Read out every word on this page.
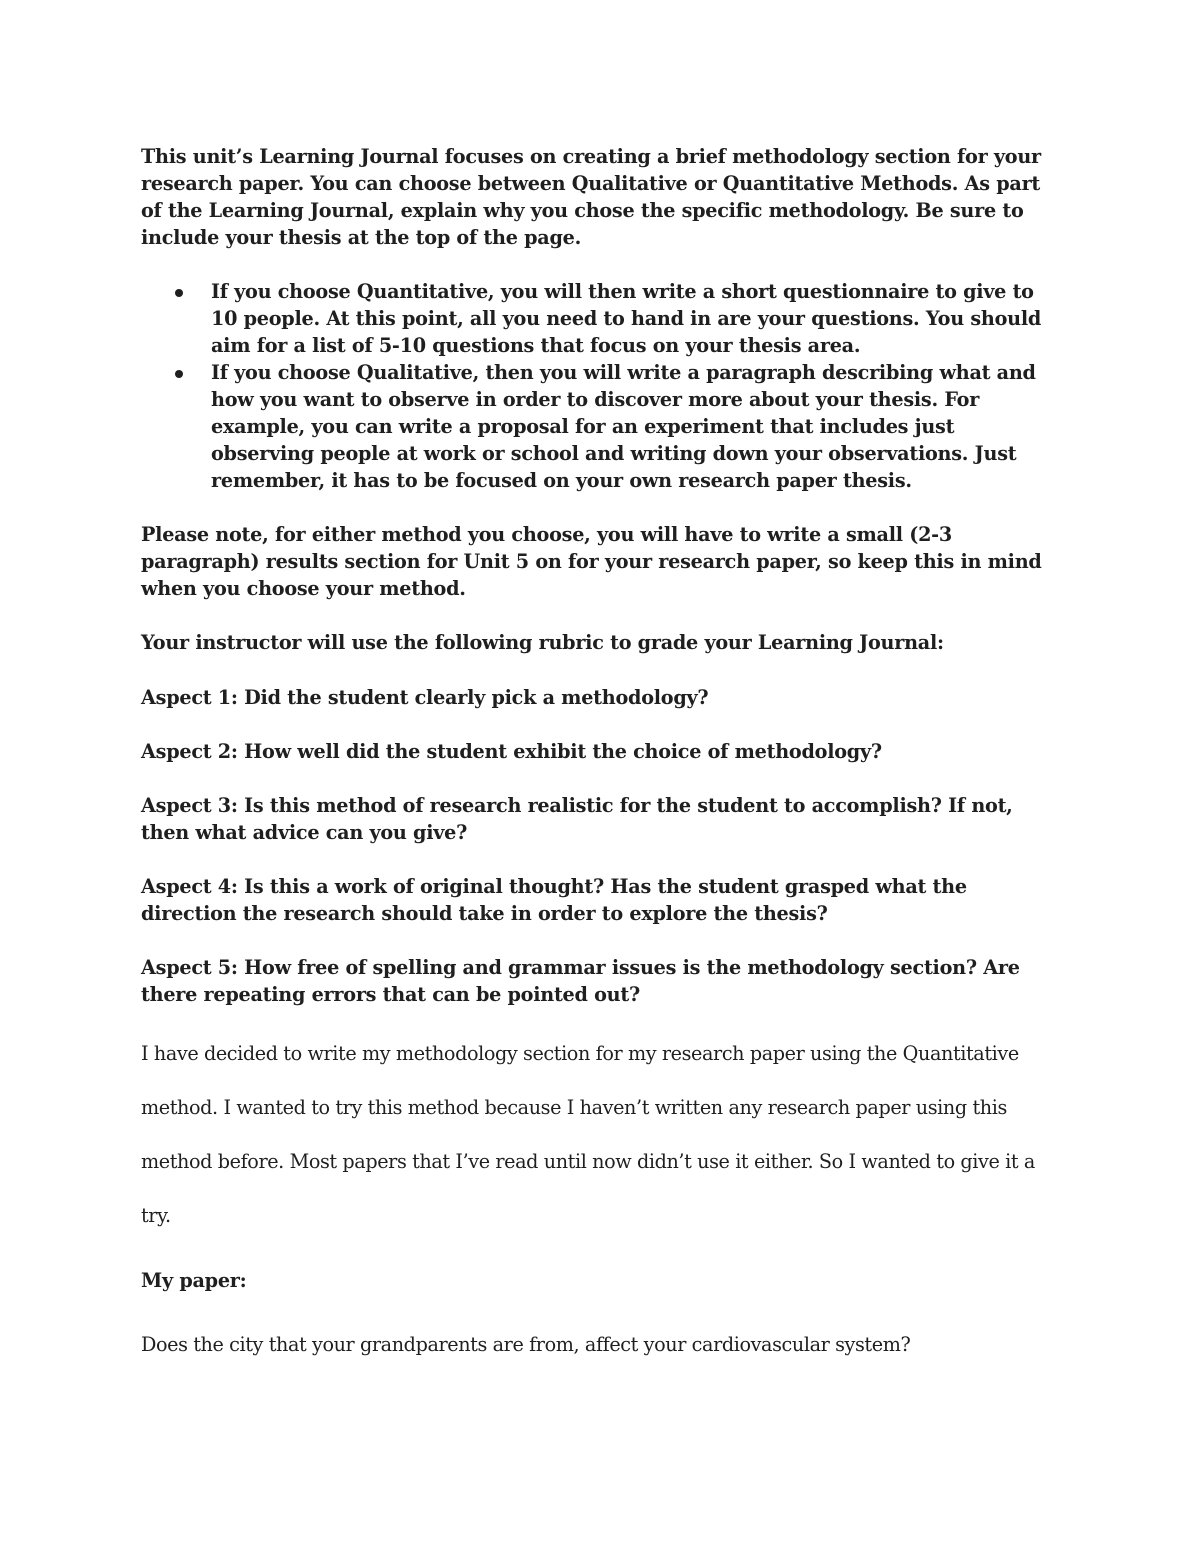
This unit’s Learning Journal focuses on creating a brief methodology section for your research paper. You can choose between Qualitative or Quantitative Methods. As part of the Learning Journal, explain why you chose the specific methodology. Be sure to include your thesis at the top of the page.

If you choose Quantitative, you will then write a short questionnaire to give to 10 people. At this point, all you need to hand in are your questions. You should aim for a list of 5-10 questions that focus on your thesis area.
If you choose Qualitative, then you will write a paragraph describing what and how you want to observe in order to discover more about your thesis. For example, you can write a proposal for an experiment that includes just observing people at work or school and writing down your observations. Just remember, it has to be focused on your own research paper thesis.

Please note, for either method you choose, you will have to write a small (2-3 paragraph) results section for Unit 5 on for your research paper, so keep this in mind when you choose your method.

Your instructor will use the following rubric to grade your Learning Journal:

Aspect 1: Did the student clearly pick a methodology?

Aspect 2: How well did the student exhibit the choice of methodology?

Aspect 3: Is this method of research realistic for the student to accomplish? If not, then what advice can you give?

Aspect 4: Is this a work of original thought? Has the student grasped what the direction the research should take in order to explore the thesis?

Aspect 5: How free of spelling and grammar issues is the methodology section? Are there repeating errors that can be pointed out?

I have decided to write my methodology section for my research paper using the Quantitative method. I wanted to try this method because I haven’t written any research paper using this method before. Most papers that I’ve read until now didn’t use it either. So I wanted to give it a try.

My paper:

Does the city that your grandparents are from, affect your cardiovascular system?
